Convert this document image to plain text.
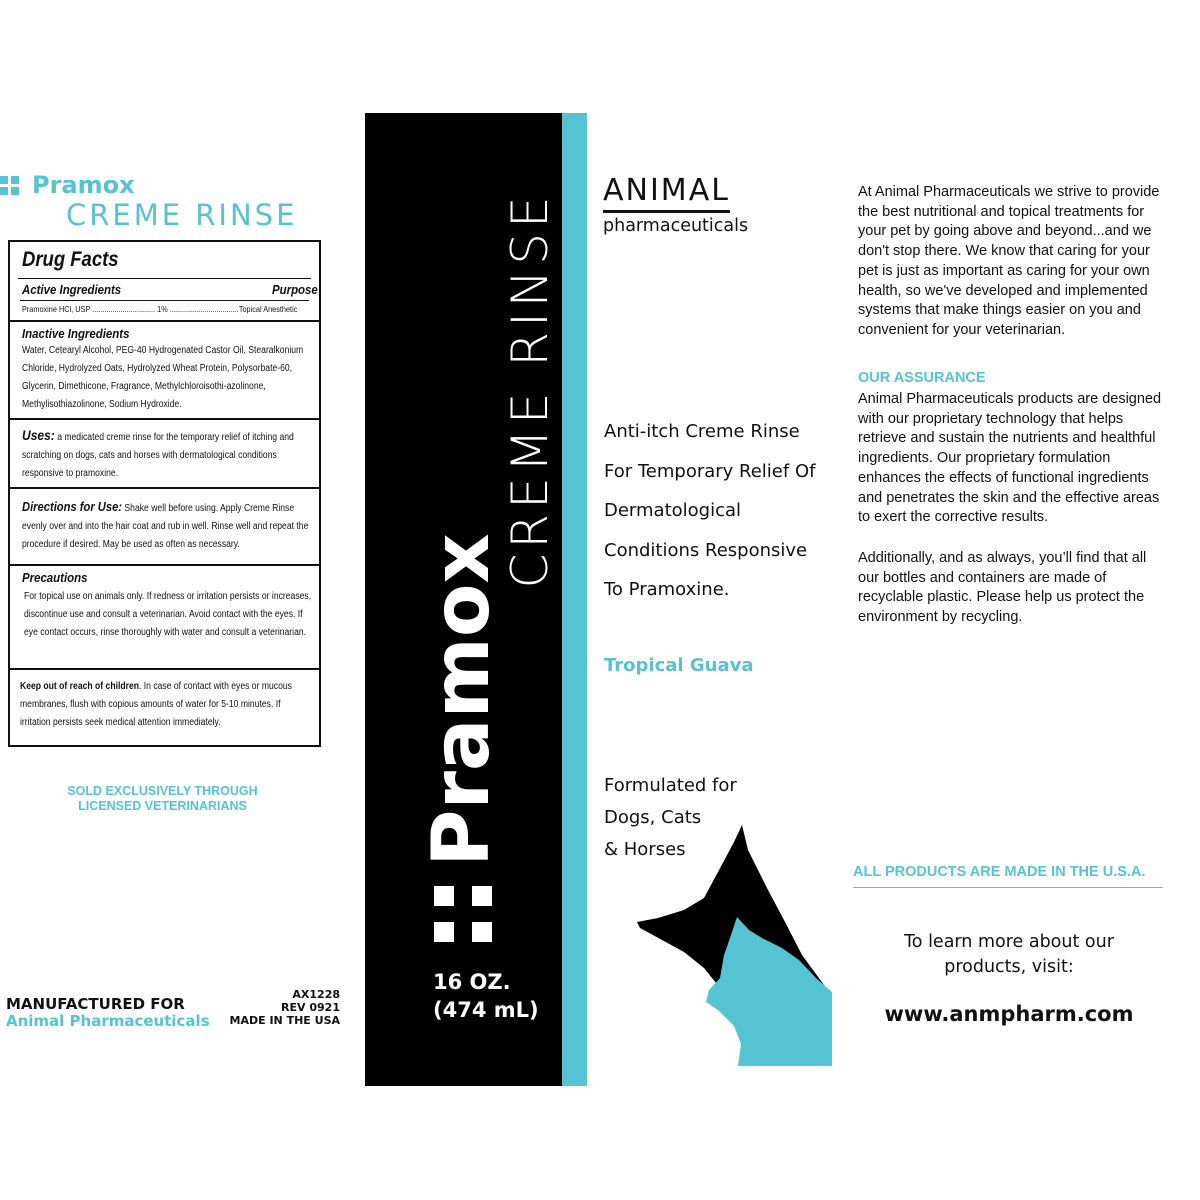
Pramox
CREME RINSE
Drug Facts
Active Ingredients	Purpose
Pramoxine HCl, USP ............................... 1% ..................................Topical Anesthetic
Inactive Ingredients
Water, Cetearyl Alcohol, PEG-40 Hydrogenated Castor Oil, Stearalkonium Chloride, Hydrolyzed Oats, Hydrolyzed Wheat Protein, Polysorbate-60, Glycerin, Dimethicone, Fragrance, Methylchloroisothi-azolinone, Methylisothiazolinone, Sodium Hydroxide.
Uses: a medicated creme rinse for the temporary relief of itching and scratching on dogs, cats and horses with dermatological conditions responsive to pramoxine.
Directions for Use: Shake well before using. Apply Creme Rinse evenly over and into the hair coat and rub in well. Rinse well and repeat the procedure if desired. May be used as often as necessary.
Precautions
For topical use on animals only. If redness or irritation persists or increases, discontinue use and consult a veterinarian. Avoid contact with the eyes. If eye contact occurs, rinse thoroughly with water and consult a veterinarian.
Keep out of reach of children. In case of contact with eyes or mucous membranes, flush with copious amounts of water for 5-10 minutes. If irritation persists seek medical attention immediately.
SOLD EXCLUSIVELY THROUGH
LICENSED VETERINARIANS
MANUFACTURED FOR
Animal Pharmaceuticals
AX1228
REV 0921
MADE IN THE USA
CREME RINSE
Pramox
16 OZ.
(474 mL)
ANIMAL
pharmaceuticals
Anti-itch Creme Rinse
For Temporary Relief Of
Dermatological
Conditions Responsive
To Pramoxine.
Tropical Guava
Formulated for
Dogs, Cats
& Horses
At Animal Pharmaceuticals we strive to provide the best nutritional and topical treatments for your pet by going above and beyond...and we don't stop there. We know that caring for your pet is just as important as caring for your own health, so we've developed and implemented systems that make things easier on you and convenient for your veterinarian.
OUR ASSURANCE
Animal Pharmaceuticals products are designed with our proprietary technology that helps retrieve and sustain the nutrients and healthful ingredients. Our proprietary formulation enhances the effects of functional ingredients and penetrates the skin and the effective areas to exert the corrective results.
Additionally, and as always, you’ll find that all our bottles and containers are made of recyclable plastic. Please help us protect the environment by recycling.
ALL PRODUCTS ARE MADE IN THE U.S.A.
To learn more about our products, visit:
www.anmpharm.com
